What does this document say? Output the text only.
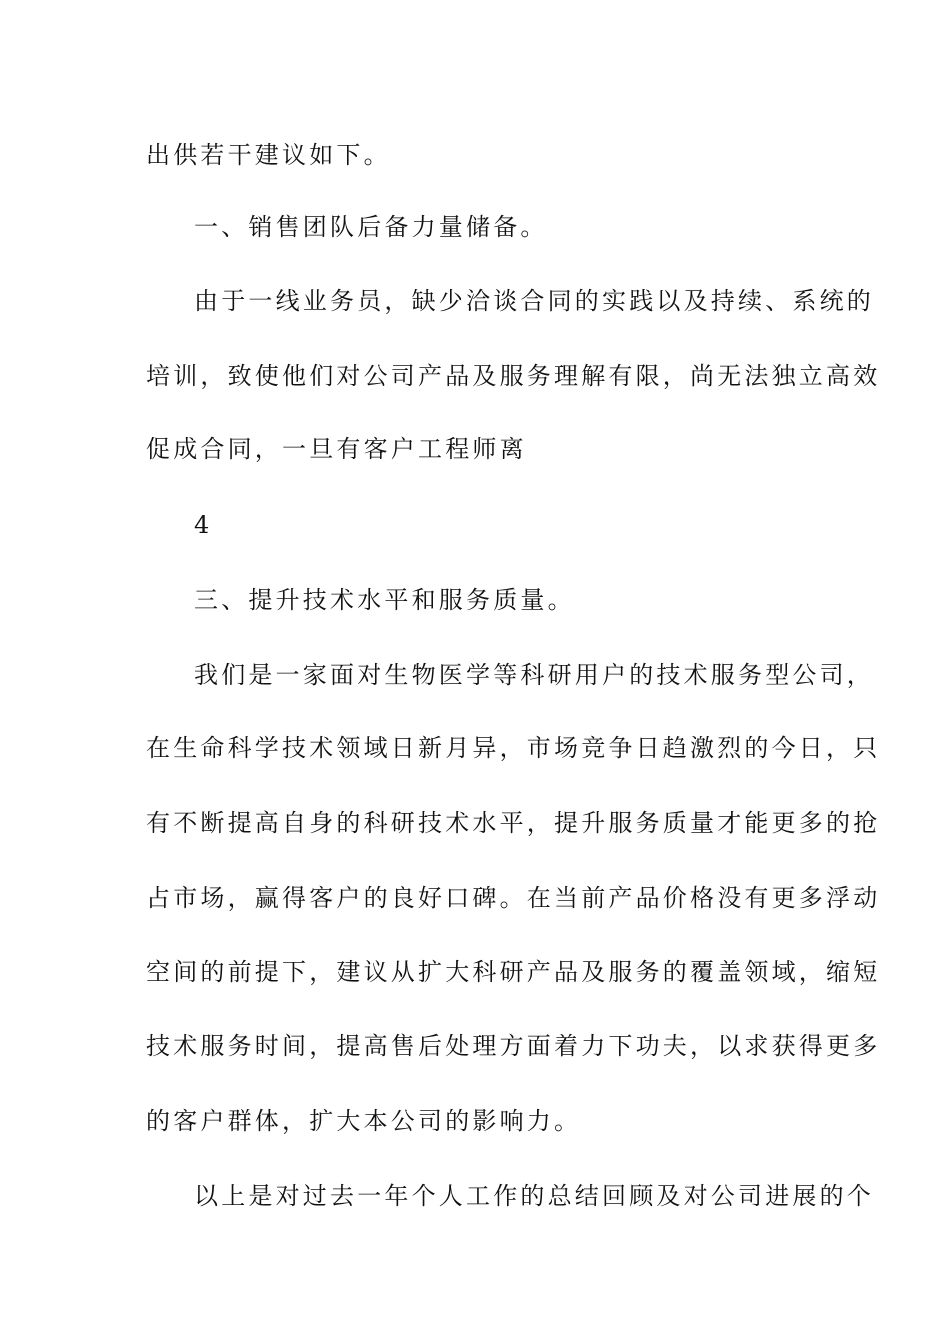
出供若干建议如下。
一、销售团队后备力量储备。
由于一线业务员，缺少洽谈合同的实践以及持续、系统的
培训，致使他们对公司产品及服务理解有限，尚无法独立高效
促成合同，一旦有客户工程师离
4
三、提升技术水平和服务质量。
我们是一家面对生物医学等科研用户的技术服务型公司，
在生命科学技术领域日新月异，市场竞争日趋激烈的今日，只
有不断提高自身的科研技术水平，提升服务质量才能更多的抢
占市场，赢得客户的良好口碑。在当前产品价格没有更多浮动
空间的前提下，建议从扩大科研产品及服务的覆盖领域，缩短
技术服务时间，提高售后处理方面着力下功夫，以求获得更多
的客户群体，扩大本公司的影响力。
以上是对过去一年个人工作的总结回顾及对公司进展的个
